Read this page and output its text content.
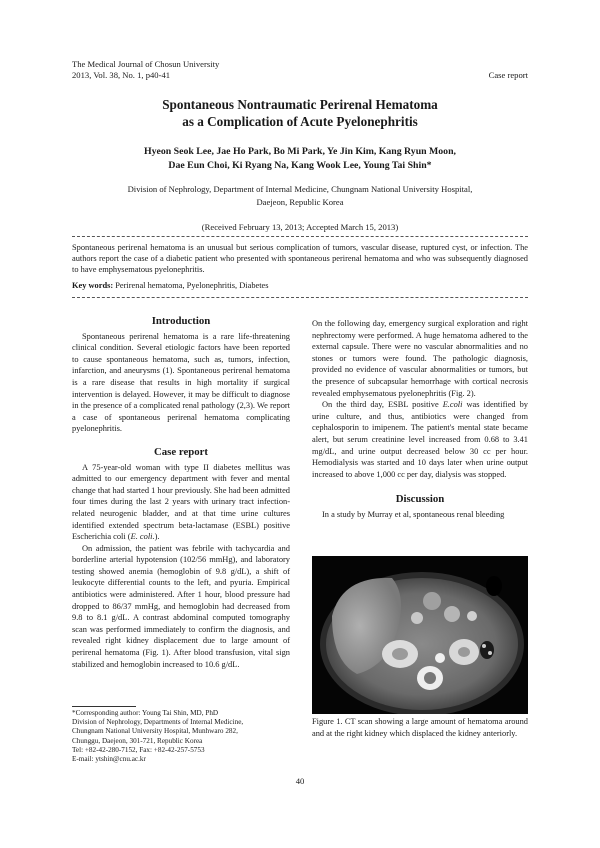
The Medical Journal of Chosun University
2013, Vol. 38, No. 1, p40-41	Case report
Spontaneous Nontraumatic Perirenal Hematoma
as a Complication of Acute Pyelonephritis
Hyeon Seok Lee, Jae Ho Park, Bo Mi Park, Ye Jin Kim, Kang Ryun Moon,
Dae Eun Choi, Ki Ryang Na, Kang Wook Lee, Young Tai Shin*
Division of Nephrology, Department of Internal Medicine, Chungnam National University Hospital,
Daejeon, Republic Korea
(Received February 13, 2013; Accepted March 15, 2013)
Spontaneous perirenal hematoma is an unusual but serious complication of tumors, vascular disease, ruptured cyst, or infection. The authors report the case of a diabetic patient who presented with spontaneous perirenal hematoma and who was subsequently diagnosed to have emphysematous pyelonephritis.
Key words: Perirenal hematoma, Pyelonephritis, Diabetes
Introduction

Spontaneous perirenal hematoma is a rare life-threatening clinical condition. Several etiologic factors have been reported to cause spontaneous hematoma, such as, tumors, infection, infarction, and aneurysms (1). Spontaneous perirenal hematoma is a rare disease that results in high mortality if surgical intervention is delayed. However, it may be difficult to diagnose in the presence of a complicated renal pathology (2,3). We report a case of spontaneous perirenal hematoma complicating pyelonephritis.

Case report

A 75-year-old woman with type II diabetes mellitus was admitted to our emergency department with fever and mental change that had started 1 hour previously. She had been admitted four times during the last 2 years with urinary tract infection-related neurogenic bladder, and at that time urine cultures identified extended spectrum beta-lactamase (ESBL) positive Escherichia coli (E. coli.).

On admission, the patient was febrile with tachycardia and borderline arterial hypotension (102/56 mmHg), and laboratory testing showed anemia (hemoglobin of 9.8 g/dL), a shift of leukocyte differential counts to the left, and pyuria. Empirical antibiotics were administered. After 1 hour, blood pressure had dropped to 86/37 mmHg, and hemoglobin had decreased from 9.8 to 8.1 g/dL. A contrast abdominal computed tomography scan was performed immediately to confirm the diagnosis, and revealed right kidney displacement due to large amount of perirenal hematoma (Fig. 1). After blood transfusion, vital sign stabilized and hemoglobin increased to 10.6 g/dL.

*Corresponding author: Young Tai Shin, MD, PhD
Division of Nephrology, Departments of Internal Medicine,
Chungnam National University Hospital, Munhwaro 282,
Chunggu, Daejeon, 301-721, Republic Korea
Tel: +82-42-280-7152, Fax: +82-42-257-5753
E-mail: ytshin@cnu.ac.kr

On the following day, emergency surgical exploration and right nephrectomy were performed. A huge hematoma adhered to the external capsule. There were no vascular abnormalities and no stones or tumors were found. The pathologic diagnosis, provided no evidence of vascular abnormalities or tumors, but the presence of subcapsular hemorrhage with cortical necrosis revealed emphysematous pyelonephritis (Fig. 2).

On the third day, ESBL positive E.coli was identified by urine culture, and thus, antibiotics were changed from cephalosporin to imipenem. The patient's mental state became alert, but serum creatinine level increased from 0.68 to 3.41 mg/dL, and urine output decreased below 30 cc per hour. Hemodialysis was started and 10 days later when urine output increased to above 1,000 cc per day, dialysis was stopped.

Discussion

In a study by Murray et al, spontaneous renal bleeding

Figure 1. CT scan showing a large amount of hematoma around and at the right kidney which displaced the kidney anteriorly.
40
